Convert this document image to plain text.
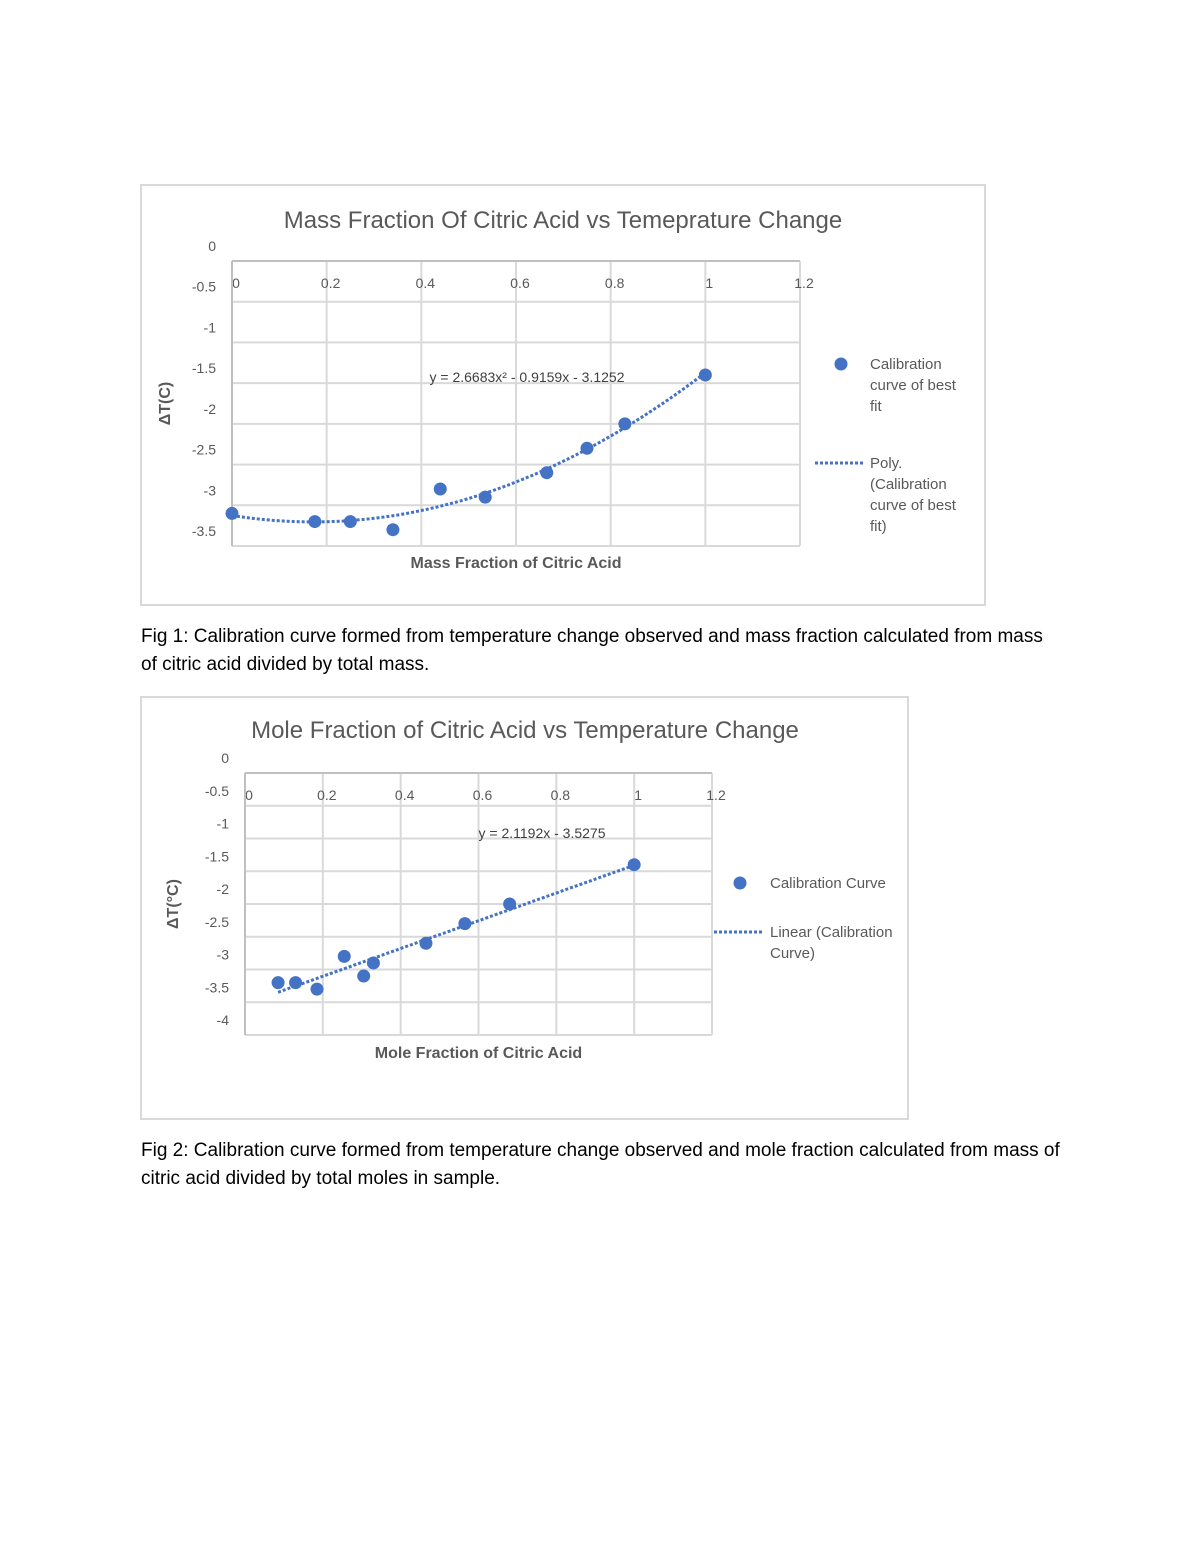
Mass Fraction Of Citric Acid vs Temeprature Change
0
-0.5
-1
-1.5
-2
-2.5
-3
-3.5
0	0.2	0.4	0.6	0.8	1	1.2
Mass Fraction of Citric Acid
ΔT(C)
y = 2.6683x² - 0.9159x - 3.1252
Calibration
curve of best
fit
Poly.
(Calibration
curve of best
fit)
Fig 1: Calibration curve formed from temperature change observed and mass fraction calculated from mass of citric acid divided by total mass.
Mole Fraction of Citric Acid vs Temperature Change
0
-0.5
-1
-1.5
-2
-2.5
-3
-3.5
-4
0	0.2	0.4	0.6	0.8	1	1.2
Mole Fraction of Citric Acid
ΔT(°C)
y = 2.1192x - 3.5275
Calibration Curve
Linear (Calibration
Curve)
Fig 2: Calibration curve formed from temperature change observed and mole fraction calculated from mass of citric acid divided by total moles in sample.
